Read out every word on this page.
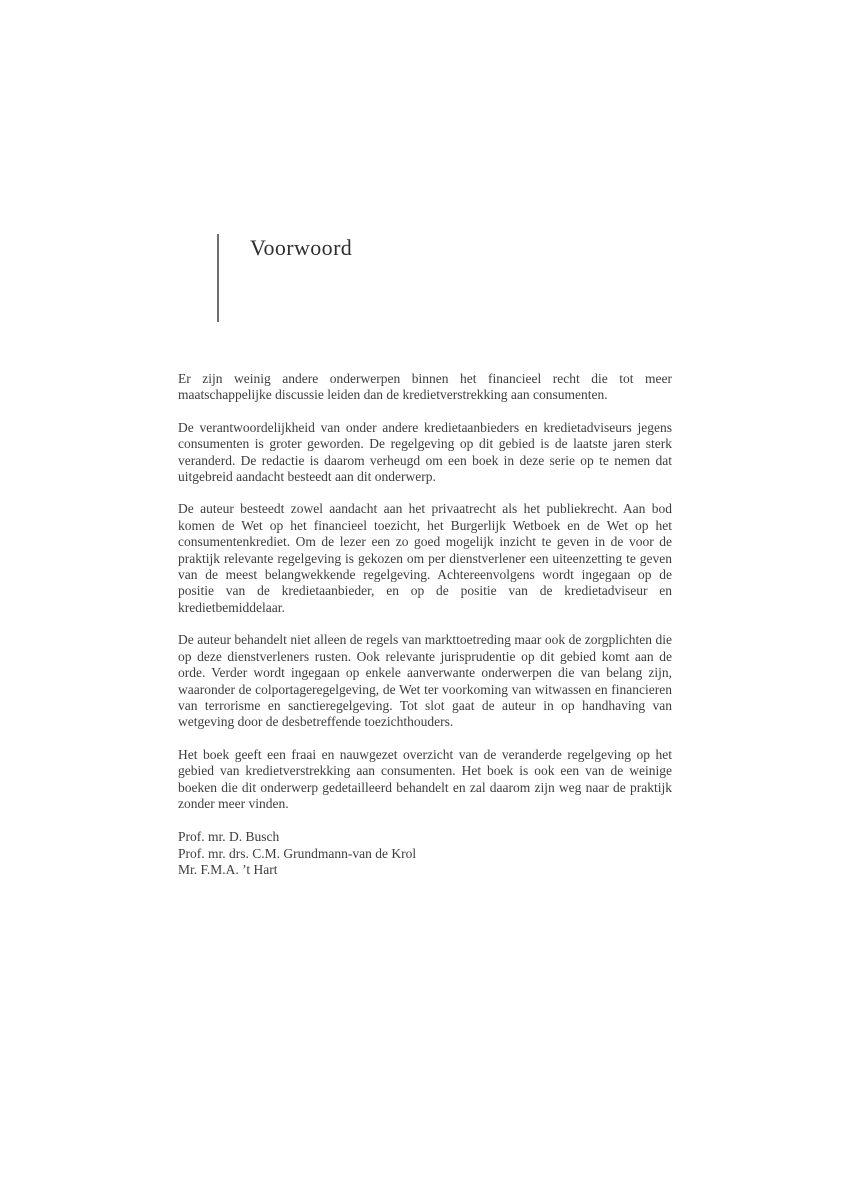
Voorwoord

Er zijn weinig andere onderwerpen binnen het financieel recht die tot meer maatschappelijke discussie leiden dan de kredietverstrekking aan consumenten.

De verantwoordelijkheid van onder andere kredietaanbieders en kredietadviseurs jegens consumenten is groter geworden. De regelgeving op dit gebied is de laatste jaren sterk veranderd. De redactie is daarom verheugd om een boek in deze serie op te nemen dat uitgebreid aandacht besteedt aan dit onderwerp.

De auteur besteedt zowel aandacht aan het privaatrecht als het publiekrecht. Aan bod komen de Wet op het financieel toezicht, het Burgerlijk Wetboek en de Wet op het consumentenkrediet. Om de lezer een zo goed mogelijk inzicht te geven in de voor de praktijk relevante regelgeving is gekozen om per dienstverlener een uiteenzetting te geven van de meest belangwekkende regelgeving. Achtereenvolgens wordt ingegaan op de positie van de kredietaanbieder, en op de positie van de kredietadviseur en kredietbemiddelaar.

De auteur behandelt niet alleen de regels van markttoetreding maar ook de zorgplichten die op deze dienstverleners rusten. Ook relevante jurisprudentie op dit gebied komt aan de orde. Verder wordt ingegaan op enkele aanverwante onderwerpen die van belang zijn, waaronder de colportageregelgeving, de Wet ter voorkoming van witwassen en financieren van terrorisme en sanctieregelgeving. Tot slot gaat de auteur in op handhaving van wetgeving door de desbetreffende toezichthouders.

Het boek geeft een fraai en nauwgezet overzicht van de veranderde regelgeving op het gebied van kredietverstrekking aan consumenten. Het boek is ook een van de weinige boeken die dit onderwerp gedetailleerd behandelt en zal daarom zijn weg naar de praktijk zonder meer vinden.

Prof. mr. D. Busch
Prof. mr. drs. C.M. Grundmann-van de Krol
Mr. F.M.A. ’t Hart
